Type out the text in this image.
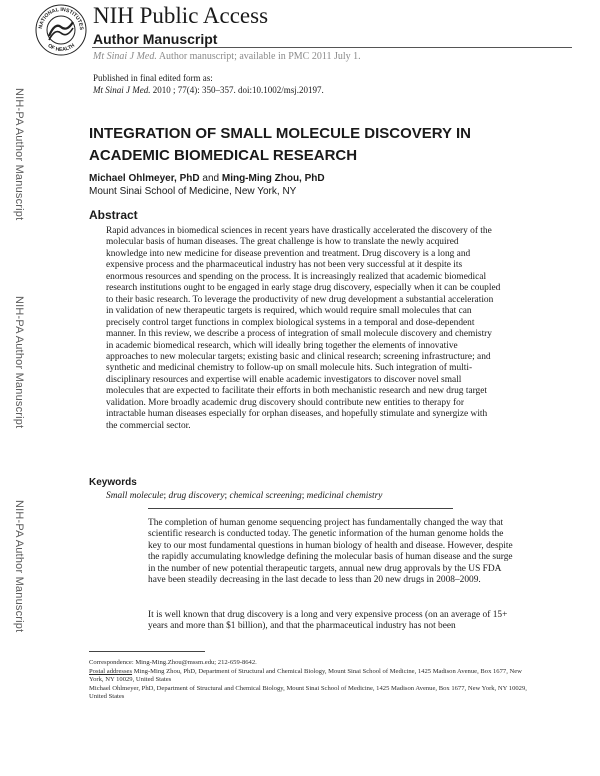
NATIONAL INSTITUTES
OF HEALTH
NIH Public Access
Author Manuscript
Mt Sinai J Med. Author manuscript; available in PMC 2011 July 1.
Published in final edited form as:
Mt Sinai J Med. 2010 ; 77(4): 350–357. doi:10.1002/msj.20197.
NIH-PA Author Manuscript
NIH-PA Author Manuscript
NIH-PA Author Manuscript
INTEGRATION OF SMALL MOLECULE DISCOVERY IN ACADEMIC BIOMEDICAL RESEARCH
Michael Ohlmeyer, PhD and Ming-Ming Zhou, PhD
Mount Sinai School of Medicine, New York, NY
Abstract
Rapid advances in biomedical sciences in recent years have drastically accelerated the discovery of the molecular basis of human diseases. The great challenge is how to translate the newly acquired knowledge into new medicine for disease prevention and treatment. Drug discovery is a long and expensive process and the pharmaceutical industry has not been very successful at it despite its enormous resources and spending on the process. It is increasingly realized that academic biomedical research institutions ought to be engaged in early stage drug discovery, especially when it can be coupled to their basic research. To leverage the productivity of new drug development a substantial acceleration in validation of new therapeutic targets is required, which would require small molecules that can precisely control target functions in complex biological systems in a temporal and dose-dependent manner. In this review, we describe a process of integration of small molecule discovery and chemistry in academic biomedical research, which will ideally bring together the elements of innovative approaches to new molecular targets; existing basic and clinical research; screening infrastructure; and synthetic and medicinal chemistry to follow-up on small molecule hits. Such integration of multi-disciplinary resources and expertise will enable academic investigators to discover novel small molecules that are expected to facilitate their efforts in both mechanistic research and new drug target validation. More broadly academic drug discovery should contribute new entities to therapy for intractable human diseases especially for orphan diseases, and hopefully stimulate and synergize with the commercial sector.
Keywords
Small molecule; drug discovery; chemical screening; medicinal chemistry
The completion of human genome sequencing project has fundamentally changed the way that scientific research is conducted today. The genetic information of the human genome holds the key to our most fundamental questions in human biology of health and disease. However, despite the rapidly accumulating knowledge defining the molecular basis of human disease and the surge in the number of new potential therapeutic targets, annual new drug approvals by the US FDA have been steadily decreasing in the last decade to less than 20 new drugs in 2008–2009.
It is well known that drug discovery is a long and very expensive process (on an average of 15+ years and more than $1 billion), and that the pharmaceutical industry has not been
Correspondence: Ming-Ming.Zhou@mssm.edu; 212-659-8642.
Postal addresses Ming-Ming Zhou, PhD, Department of Structural and Chemical Biology, Mount Sinai School of Medicine, 1425 Madison Avenue, Box 1677, New York, NY 10029, United States
Michael Ohlmeyer, PhD, Department of Structural and Chemical Biology, Mount Sinai School of Medicine, 1425 Madison Avenue, Box 1677, New York, NY 10029, United States
